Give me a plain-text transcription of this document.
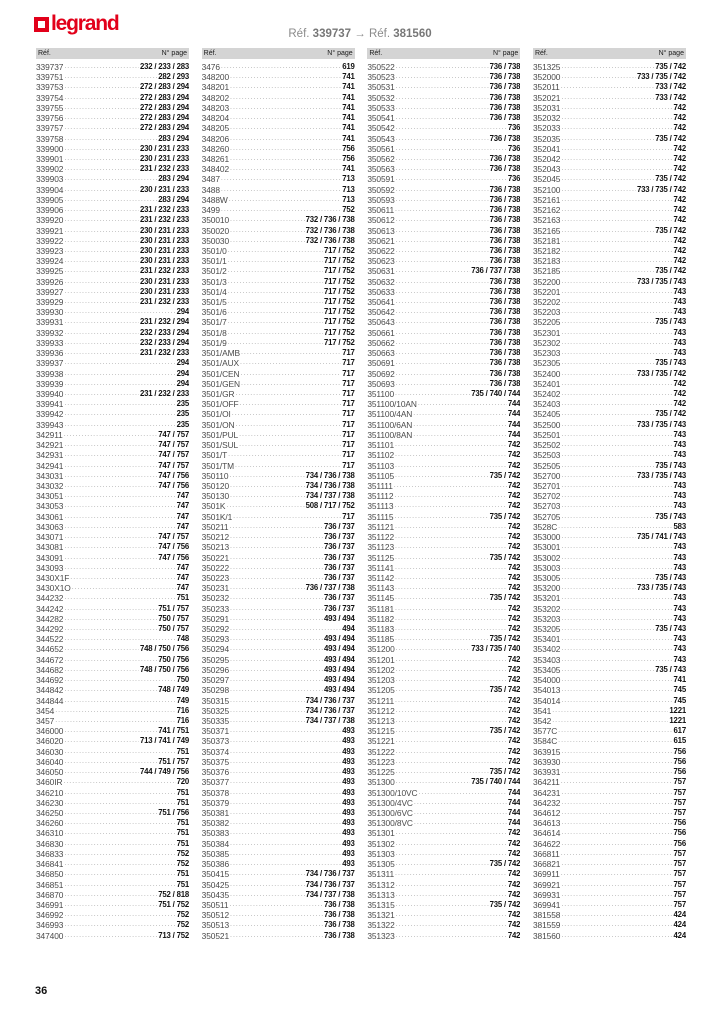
legrand	Réf. 339737 → Réf. 381560
Réf.	N° page
339737 .....	232 / 233 / 283
339751 .....	282 / 293
339753 .....	272 / 283 / 294
339754 .....	272 / 283 / 294
339755 .....	272 / 283 / 294
339756 .....	272 / 283 / 294
339757 .....	272 / 283 / 294
339758 .....	283 / 294
339900 .....	230 / 231 / 233
339901 .....	230 / 231 / 233
339902 .....	231 / 232 / 233
339903 .....	283 / 294
339904 .....	230 / 231 / 233
339905 .....	283 / 294
339906 .....	231 / 232 / 233
339920 .....	231 / 232 / 233
339921 .....	230 / 231 / 233
339922 .....	230 / 231 / 233
339923 .....	230 / 231 / 233
339924 .....	230 / 231 / 233
339925 .....	231 / 232 / 233
339926 .....	230 / 231 / 233
339927 .....	230 / 231 / 233
339929 .....	231 / 232 / 233
339930 .....	294
339931 .....	231 / 232 / 294
339932 .....	232 / 233 / 294
339933 .....	232 / 233 / 294
339936 .....	231 / 232 / 233
339937 .....	294
339938 .....	294
339939 .....	294
339940 .....	231 / 232 / 233
339941 .....	235
339942 .....	235
339943 .....	235
342911 .....	747 / 757
342921 .....	747 / 757
342931 .....	747 / 757
342941 .....	747 / 757
343031 .....	747 / 756
343032 .....	747 / 756
343051 .....	747
343053 .....	747
343061 .....	747
343063 .....	747
343071 .....	747 / 757
343081 .....	747 / 756
343091 .....	747 / 756
343093 .....	747
3430X1F .....	747
3430X1O .....	747
344232 .....	751
344242 .....	751 / 757
344282 .....	750 / 757
344292 .....	750 / 757
344522 .....	748
344652 .....	748 / 750 / 756
344672 .....	750 / 756
344682 .....	748 / 750 / 756
344692 .....	750
344842 .....	748 / 749
344844 .....	749
3454 .....	716
3457 .....	716
346000 .....	741 / 751
346020 .....	713 / 741 / 749
346030 .....	751
346040 .....	751 / 757
346050 .....	744 / 749 / 756
3460IR .....	720
346210 .....	751
346230 .....	751
346250 .....	751 / 756
346260 .....	751
346310 .....	751
346830 .....	751
346833 .....	752
346841 .....	752
346850 .....	751
346851 .....	751
346870 .....	752 / 818
346991 .....	751 / 752
346992 .....	752
346993 .....	752
347400 .....	713 / 752
Réf.	N° page
3476 .....	619
348200 .....	741
348201 .....	741
348202 .....	741
348203 .....	741
348204 .....	741
348205 .....	741
348206 .....	741
348260 .....	756
348261 .....	756
348402 .....	741
3487 .....	713
3488 .....	713
3488W .....	713
3499 .....	752
350010 .....	732 / 736 / 738
350020 .....	732 / 736 / 738
350030 .....	732 / 736 / 738
3501/0 .....	717 / 752
3501/1 .....	717 / 752
3501/2 .....	717 / 752
3501/3 .....	717 / 752
3501/4 .....	717 / 752
3501/5 .....	717 / 752
3501/6 .....	717 / 752
3501/7 .....	717 / 752
3501/8 .....	717 / 752
3501/9 .....	717 / 752
3501/AMB .....	717
3501/AUX .....	717
3501/CEN .....	717
3501/GEN .....	717
3501/GR .....	717
3501/OFF .....	717
3501/OI .....	717
3501/ON .....	717
3501/PUL .....	717
3501/SUL .....	717
3501/T .....	717
3501/TM .....	717
350110 .....	734 / 736 / 738
350120 .....	734 / 736 / 738
350130 .....	734 / 737 / 738
3501K .....	508 / 717 / 752
3501K/1 .....	717
350211 .....	736 / 737
350212 .....	736 / 737
350213 .....	736 / 737
350221 .....	736 / 737
350222 .....	736 / 737
350223 .....	736 / 737
350231 .....	736 / 737 / 738
350232 .....	736 / 737
350233 .....	736 / 737
350291 .....	493 / 494
350292 .....	494
350293 .....	493 / 494
350294 .....	493 / 494
350295 .....	493 / 494
350296 .....	493 / 494
350297 .....	493 / 494
350298 .....	493 / 494
350315 .....	734 / 736 / 737
350325 .....	734 / 736 / 737
350335 .....	734 / 737 / 738
350371 .....	493
350373 .....	493
350374 .....	493
350375 .....	493
350376 .....	493
350377 .....	493
350378 .....	493
350379 .....	493
350381 .....	493
350382 .....	493
350383 .....	493
350384 .....	493
350385 .....	493
350386 .....	493
350415 .....	734 / 736 / 737
350425 .....	734 / 736 / 737
350435 .....	734 / 737 / 738
350511 .....	736 / 738
350512 .....	736 / 738
350513 .....	736 / 738
350521 .....	736 / 738
Réf.	N° page
350522 .....	736 / 738
350523 .....	736 / 738
350531 .....	736 / 738
350532 .....	736 / 738
350533 .....	736 / 738
350541 .....	736 / 738
350542 .....	736
350543 .....	736 / 738
350561 .....	736
350562 .....	736 / 738
350563 .....	736 / 738
350591 .....	736
350592 .....	736 / 738
350593 .....	736 / 738
350611 .....	736 / 738
350612 .....	736 / 738
350613 .....	736 / 738
350621 .....	736 / 738
350622 .....	736 / 738
350623 .....	736 / 738
350631 .....	736 / 737 / 738
350632 .....	736 / 738
350633 .....	736 / 738
350641 .....	736 / 738
350642 .....	736 / 738
350643 .....	736 / 738
350661 .....	736 / 738
350662 .....	736 / 738
350663 .....	736 / 738
350691 .....	736 / 738
350692 .....	736 / 738
350693 .....	736 / 738
351100 .....	735 / 740 / 744
351100/10AN .....	744
351100/4AN .....	744
351100/6AN .....	744
351100/8AN .....	744
351101 .....	742
351102 .....	742
351103 .....	742
351105 .....	735 / 742
351111 .....	742
351112 .....	742
351113 .....	742
351115 .....	735 / 742
351121 .....	742
351122 .....	742
351123 .....	742
351125 .....	735 / 742
351141 .....	742
351142 .....	742
351143 .....	742
351145 .....	735 / 742
351181 .....	742
351182 .....	742
351183 .....	742
351185 .....	735 / 742
351200 .....	733 / 735 / 740
351201 .....	742
351202 .....	742
351203 .....	742
351205 .....	735 / 742
351211 .....	742
351212 .....	742
351213 .....	742
351215 .....	735 / 742
351221 .....	742
351222 .....	742
351223 .....	742
351225 .....	735 / 742
351300 .....	735 / 740 / 744
351300/10VC .....	744
351300/4VC .....	744
351300/6VC .....	744
351300/8VC .....	744
351301 .....	742
351302 .....	742
351303 .....	742
351305 .....	735 / 742
351311 .....	742
351312 .....	742
351313 .....	742
351315 .....	735 / 742
351321 .....	742
351322 .....	742
351323 .....	742
Réf.	N° page
351325 .....	735 / 742
352000 .....	733 / 735 / 742
352011 .....	733 / 742
352021 .....	733 / 742
352031 .....	742
352032 .....	742
352033 .....	742
352035 .....	735 / 742
352041 .....	742
352042 .....	742
352043 .....	742
352045 .....	735 / 742
352100 .....	733 / 735 / 742
352161 .....	742
352162 .....	742
352163 .....	742
352165 .....	735 / 742
352181 .....	742
352182 .....	742
352183 .....	742
352185 .....	735 / 742
352200 .....	733 / 735 / 743
352201 .....	743
352202 .....	743
352203 .....	743
352205 .....	735 / 743
352301 .....	743
352302 .....	743
352303 .....	743
352305 .....	735 / 743
352400 .....	733 / 735 / 742
352401 .....	742
352402 .....	742
352403 .....	742
352405 .....	735 / 742
352500 .....	733 / 735 / 743
352501 .....	743
352502 .....	743
352503 .....	743
352505 .....	735 / 743
352700 .....	733 / 735 / 743
352701 .....	743
352702 .....	743
352703 .....	743
352705 .....	735 / 743
3528C .....	583
353000 .....	735 / 741 / 743
353001 .....	743
353002 .....	743
353003 .....	743
353005 .....	735 / 743
353200 .....	733 / 735 / 743
353201 .....	743
353202 .....	743
353203 .....	743
353205 .....	735 / 743
353401 .....	743
353402 .....	743
353403 .....	743
353405 .....	735 / 743
354000 .....	741
354013 .....	745
354014 .....	745
3541 .....	1221
3542 .....	1221
3577C .....	617
3584C .....	615
363915 .....	756
363930 .....	756
363931 .....	756
364211 .....	757
364231 .....	757
364232 .....	757
364612 .....	757
364613 .....	756
364614 .....	756
364622 .....	756
366811 .....	757
366821 .....	757
369911 .....	757
369921 .....	757
369931 .....	757
369941 .....	757
381558 .....	424
381559 .....	424
381560 .....	424
36
